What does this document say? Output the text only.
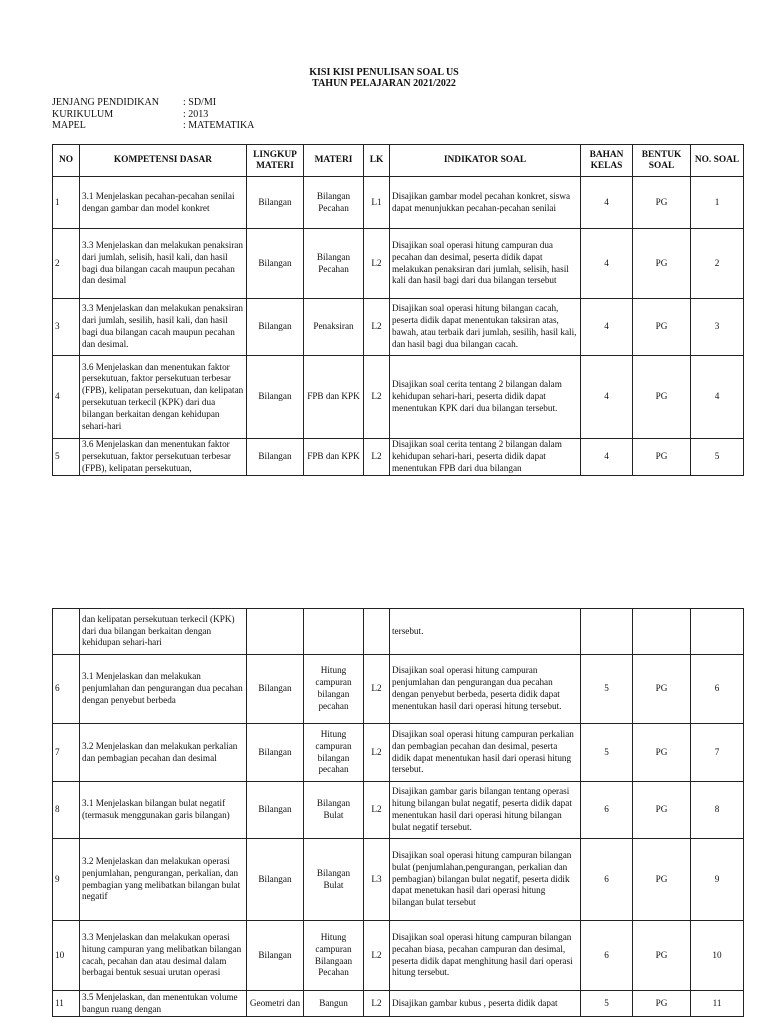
KISI KISI PENULISAN SOAL US
TAHUN PELAJARAN 2021/2022
JENJANG PENDIDIKAN	: SD/MI
KURIKULUM	: 2013
MAPEL	: MATEMATIKA
NO	KOMPETENSI DASAR	LINGKUP MATERI	MATERI	LK	INDIKATOR SOAL	BAHAN KELAS	BENTUK SOAL	NO. SOAL
1	3.1 Menjelaskan pecahan-pecahan senilai dengan gambar dan model konkret	Bilangan	Bilangan Pecahan	L1	Disajikan gambar model pecahan konkret, siswa dapat menunjukkan pecahan-pecahan senilai	4	PG	1
2	3.3 Menjelaskan dan melakukan penaksiran dari jumlah, selisih, hasil kali, dan hasil bagi dua bilangan cacah maupun pecahan dan desimal	Bilangan	Bilangan Pecahan	L2	Disajikan soal operasi hitung campuran dua pecahan dan desimal, peserta didik dapat melakukan penaksiran dari jumlah, selisih, hasil kali dan hasil bagi dari dua bilangan tersebut	4	PG	2
3	3.3 Menjelaskan dan melakukan penaksiran dari jumlah, sesilih, hasil kali, dan hasil bagi dua bilangan cacah maupun pecahan dan desimal.	Bilangan	Penaksiran	L2	Disajikan soal operasi hitung bilangan cacah, peserta didik dapat menentukan taksiran atas, bawah, atau terbaik dari jumlah, sesilih, hasil kali, dan hasil bagi dua bilangan cacah.	4	PG	3
4	3.6 Menjelaskan dan menentukan faktor persekutuan, faktor persekutuan terbesar (FPB), kelipatan persekutuan, dan kelipatan persekutuan terkecil (KPK) dari dua bilangan berkaitan dengan kehidupan sehari-hari	Bilangan	FPB dan KPK	L2	Disajikan soal cerita tentang 2 bilangan dalam kehidupan sehari-hari, peserta didik dapat menentukan KPK dari dua bilangan tersebut.	4	PG	4
5	3.6 Menjelaskan dan menentukan faktor persekutuan, faktor persekutuan terbesar (FPB), kelipatan persekutuan,	Bilangan	FPB dan KPK	L2	Disajikan soal cerita tentang 2 bilangan dalam kehidupan sehari-hari, peserta didik dapat menentukan FPB dari dua bilangan	4	PG	5
	dan kelipatan persekutuan terkecil (KPK) dari dua bilangan berkaitan dengan kehidupan sehari-hari				tersebut.			
6	3.1 Menjelaskan dan melakukan penjumlahan dan pengurangan dua pecahan dengan penyebut berbeda	Bilangan	Hitung campuran bilangan pecahan	L2	Disajikan soal operasi hitung campuran penjumlahan dan pengurangan dua pecahan dengan penyebut berbeda, peserta didik dapat menentukan hasil dari operasi hitung tersebut.	5	PG	6
7	3.2 Menjelaskan dan melakukan perkalian dan pembagian pecahan dan desimal	Bilangan	Hitung campuran bilangan pecahan	L2	Disajikan soal operasi hitung campuran perkalian dan pembagian pecahan dan desimal, peserta didik dapat menentukan hasil dari operasi hitung tersebut.	5	PG	7
8	3.1 Menjelaskan bilangan bulat negatif (termasuk menggunakan garis bilangan)	Bilangan	Bilangan Bulat	L2	Disajikan gambar garis bilangan tentang operasi hitung bilangan bulat negatif, peserta didik dapat menentukan hasil dari operasi hitung bilangan bulat negatif tersebut.	6	PG	8
9	3.2 Menjelaskan dan melakukan operasi penjumlahan, pengurangan, perkalian, dan pembagian yang melibatkan bilangan bulat negatif	Bilangan	Bilangan Bulat	L3	Disajikan soal operasi hitung campuran bilangan bulat (penjumlahan,pengurangan, perkalian dan pembagian) bilangan bulat negatif, peserta didik dapat menetukan hasil dari operasi hitung bilangan bulat tersebut	6	PG	9
10	3.3 Menjelaskan dan melakukan operasi hitung campuran yang melibatkan bilangan cacah, pecahan dan atau desimal dalam berbagai bentuk sesuai urutan operasi	Bilangan	Hitung campuran Bilangaan Pecahan	L2	Disajikan soal operasi hitung campuran bilangan pecahan biasa, pecahan campuran dan desimal, peserta didik dapat menghitung hasil dari operasi hitung tersebut.	6	PG	10
11	3.5 Menjelaskan, dan menentukan volume bangun ruang dengan	Geometri dan	Bangun	L2	Disajikan gambar kubus , peserta didik dapat	5	PG	11
